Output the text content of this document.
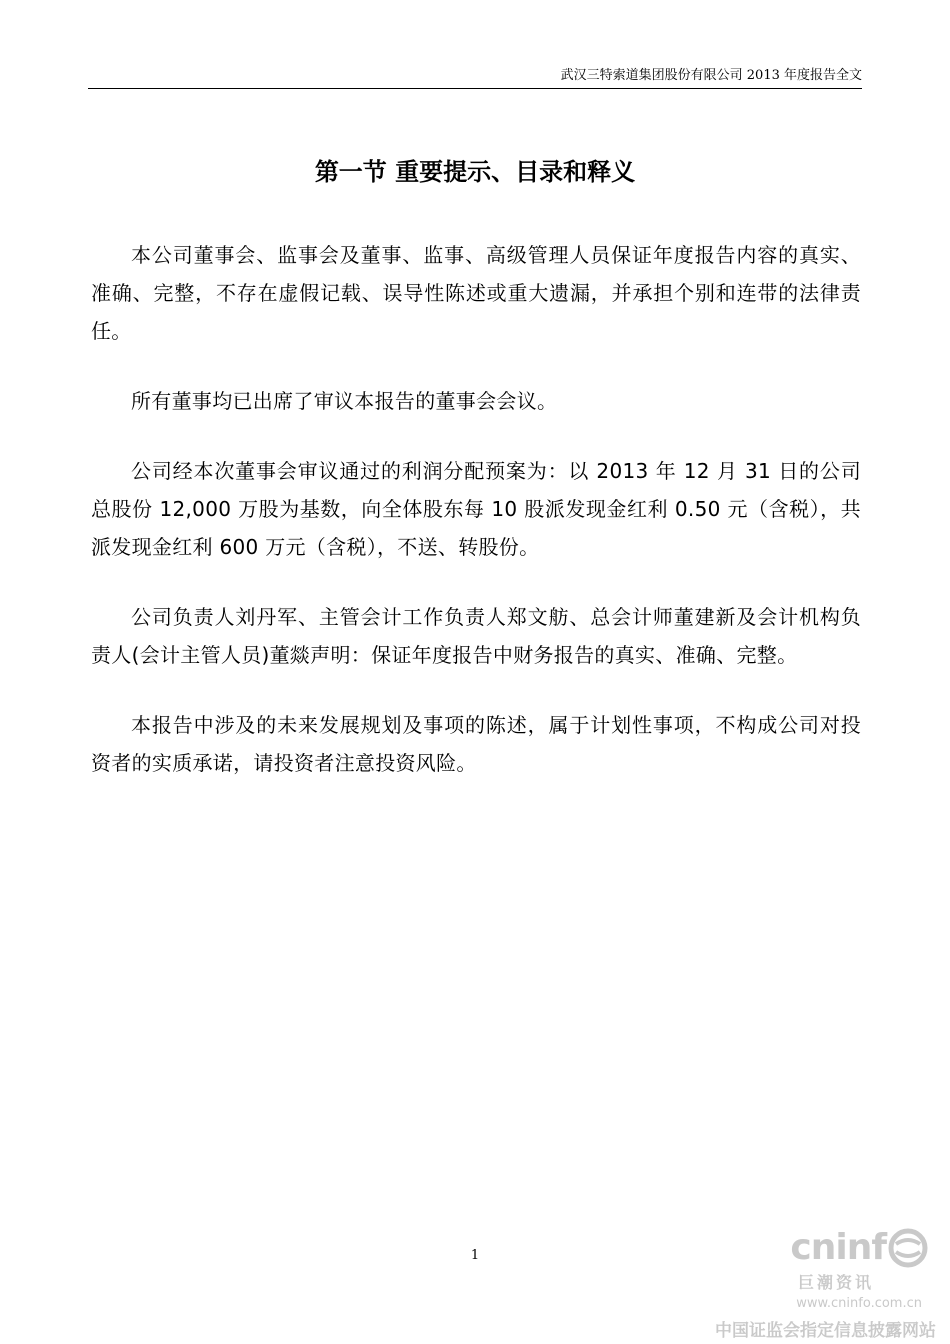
武汉三特索道集团股份有限公司 2013 年度报告全文
第一节 重要提示、目录和释义

本公司董事会、监事会及董事、监事、高级管理人员保证年度报告内容的真实、准确、完整，不存在虚假记载、误导性陈述或重大遗漏，并承担个别和连带的法律责任。

所有董事均已出席了审议本报告的董事会会议。

公司经本次董事会审议通过的利润分配预案为：以 2013 年 12 月 31 日的公司总股份 12,000 万股为基数，向全体股东每 10 股派发现金红利 0.50 元（含税），共派发现金红利 600 万元（含税），不送、转股份。

公司负责人刘丹军、主管会计工作负责人郑文舫、总会计师董建新及会计机构负责人(会计主管人员)董燚声明：保证年度报告中财务报告的真实、准确、完整。

本报告中涉及的未来发展规划及事项的陈述，属于计划性事项，不构成公司对投资者的实质承诺，请投资者注意投资风险。

1	cninf
巨潮资讯
www.cninfo.com.cn
中国证监会指定信息披露网站
